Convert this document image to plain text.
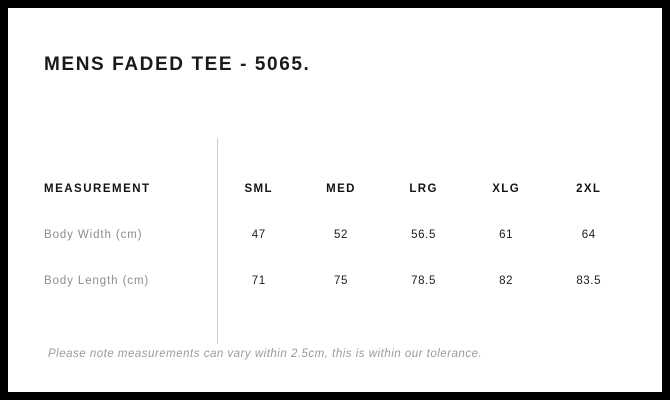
MENS FADED TEE - 5065.

MEASUREMENT	SML	MED	LRG	XLG	2XL
Body Width (cm)	47	52	56.5	61	64
Body Length (cm)	71	75	78.5	82	83.5

Please note measurements can vary within 2.5cm, this is within our tolerance.
